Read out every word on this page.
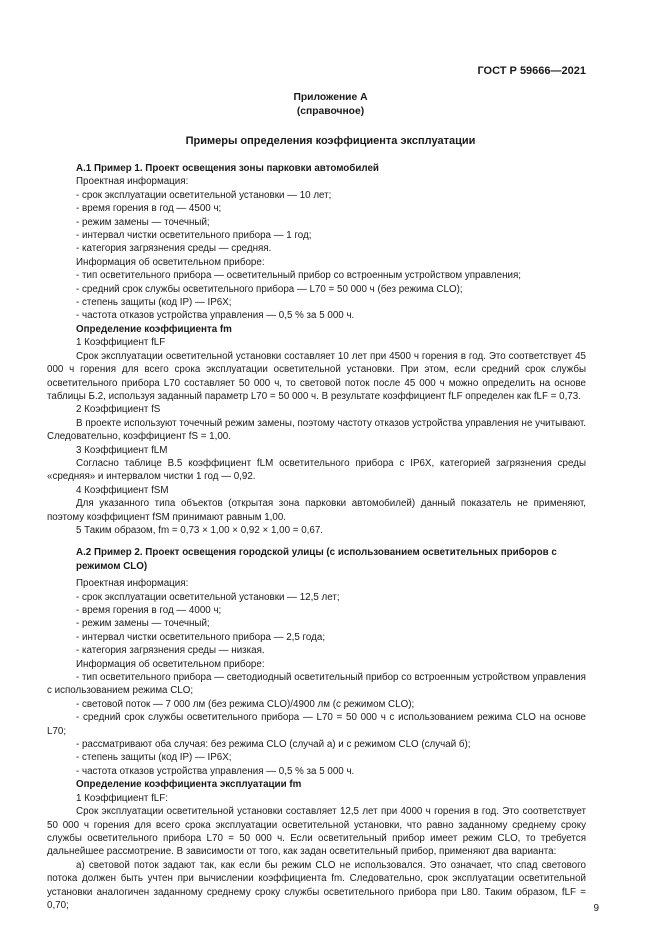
ГОСТ Р 59666—2021
Приложение А
(справочное)
Примеры определения коэффициента эксплуатации

А.1 Пример 1. Проект освещения зоны парковки автомобилей

Проектная информация:

- срок эксплуатации осветительной установки — 10 лет;

- время горения в год — 4500 ч;

- режим замены — точечный;

- интервал чистки осветительного прибора — 1 год;

- категория загрязнения среды — средняя.

Информация об осветительном приборе:

- тип осветительного прибора — осветительный прибор со встроенным устройством управления;

- средний срок службы осветительного прибора — L70 = 50 000 ч (без режима CLO);

- степень защиты (код IP) — IP6X;

- частота отказов устройства управления — 0,5 % за 5 000 ч.

Определение коэффициента fm

1 Коэффициент fLF

Срок эксплуатации осветительной установки составляет 10 лет при 4500 ч горения в год. Это соответствует 45 000 ч горения для всего срока эксплуатации осветительной установки. При этом, если средний срок службы осветительного прибора L70 составляет 50 000 ч, то световой поток после 45 000 ч можно определить на основе таблицы Б.2, используя заданный параметр L70 = 50 000 ч. В результате коэффициент fLF определен как fLF = 0,73.

2 Коэффициент fS

В проекте используют точечный режим замены, поэтому частоту отказов устройства управления не учитывают. Следовательно, коэффициент fS = 1,00.

3 Коэффициент fLM

Согласно таблице В.5 коэффициент fLM осветительного прибора с IP6X, категорией загрязнения среды «средняя» и интервалом чистки 1 год — 0,92.

4 Коэффициент fSM

Для указанного типа объектов (открытая зона парковки автомобилей) данный показатель не применяют, поэтому коэффициент fSM принимают равным 1,00.

5 Таким образом, fm = 0,73 × 1,00 × 0,92 × 1,00 = 0,67.

А.2 Пример 2. Проект освещения городской улицы (с использованием осветительных приборов с режимом CLO)

Проектная информация:

- срок эксплуатации осветительной установки — 12,5 лет;

- время горения в год — 4000 ч;

- режим замены — точечный;

- интервал чистки осветительного прибора — 2,5 года;

- категория загрязнения среды — низкая.

Информация об осветительном приборе:

- тип осветительного прибора — светодиодный осветительный прибор со встроенным устройством управления с использованием режима CLO;

- световой поток — 7 000 лм (без режима CLO)/4900 лм (с режимом CLO);

- средний срок службы осветительного прибора — L70 = 50 000 ч с использованием режима CLO на основе L70;

- рассматривают оба случая: без режима CLO (случай а) и с режимом CLO (случай б);

- степень защиты (код IP) — IP6X;

- частота отказов устройства управления — 0,5 % за 5 000 ч.

Определение коэффициента эксплуатации fm

1 Коэффициент fLF:

Срок эксплуатации осветительной установки составляет 12,5 лет при 4000 ч горения в год. Это соответствует 50 000 ч горения для всего срока эксплуатации осветительной установки, что равно заданному среднему сроку службы осветительного прибора L70 = 50 000 ч. Если осветительный прибор имеет режим CLO, то требуется дальнейшее рассмотрение. В зависимости от того, как задан осветительный прибор, применяют два варианта:

а) световой поток задают так, как если бы режим CLO не использовался. Это означает, что спад светового потока должен быть учтен при вычислении коэффициента fm. Следовательно, срок эксплуатации осветительной установки аналогичен заданному среднему сроку службы осветительного прибора при L80. Таким образом, fLF = 0,70;	9
